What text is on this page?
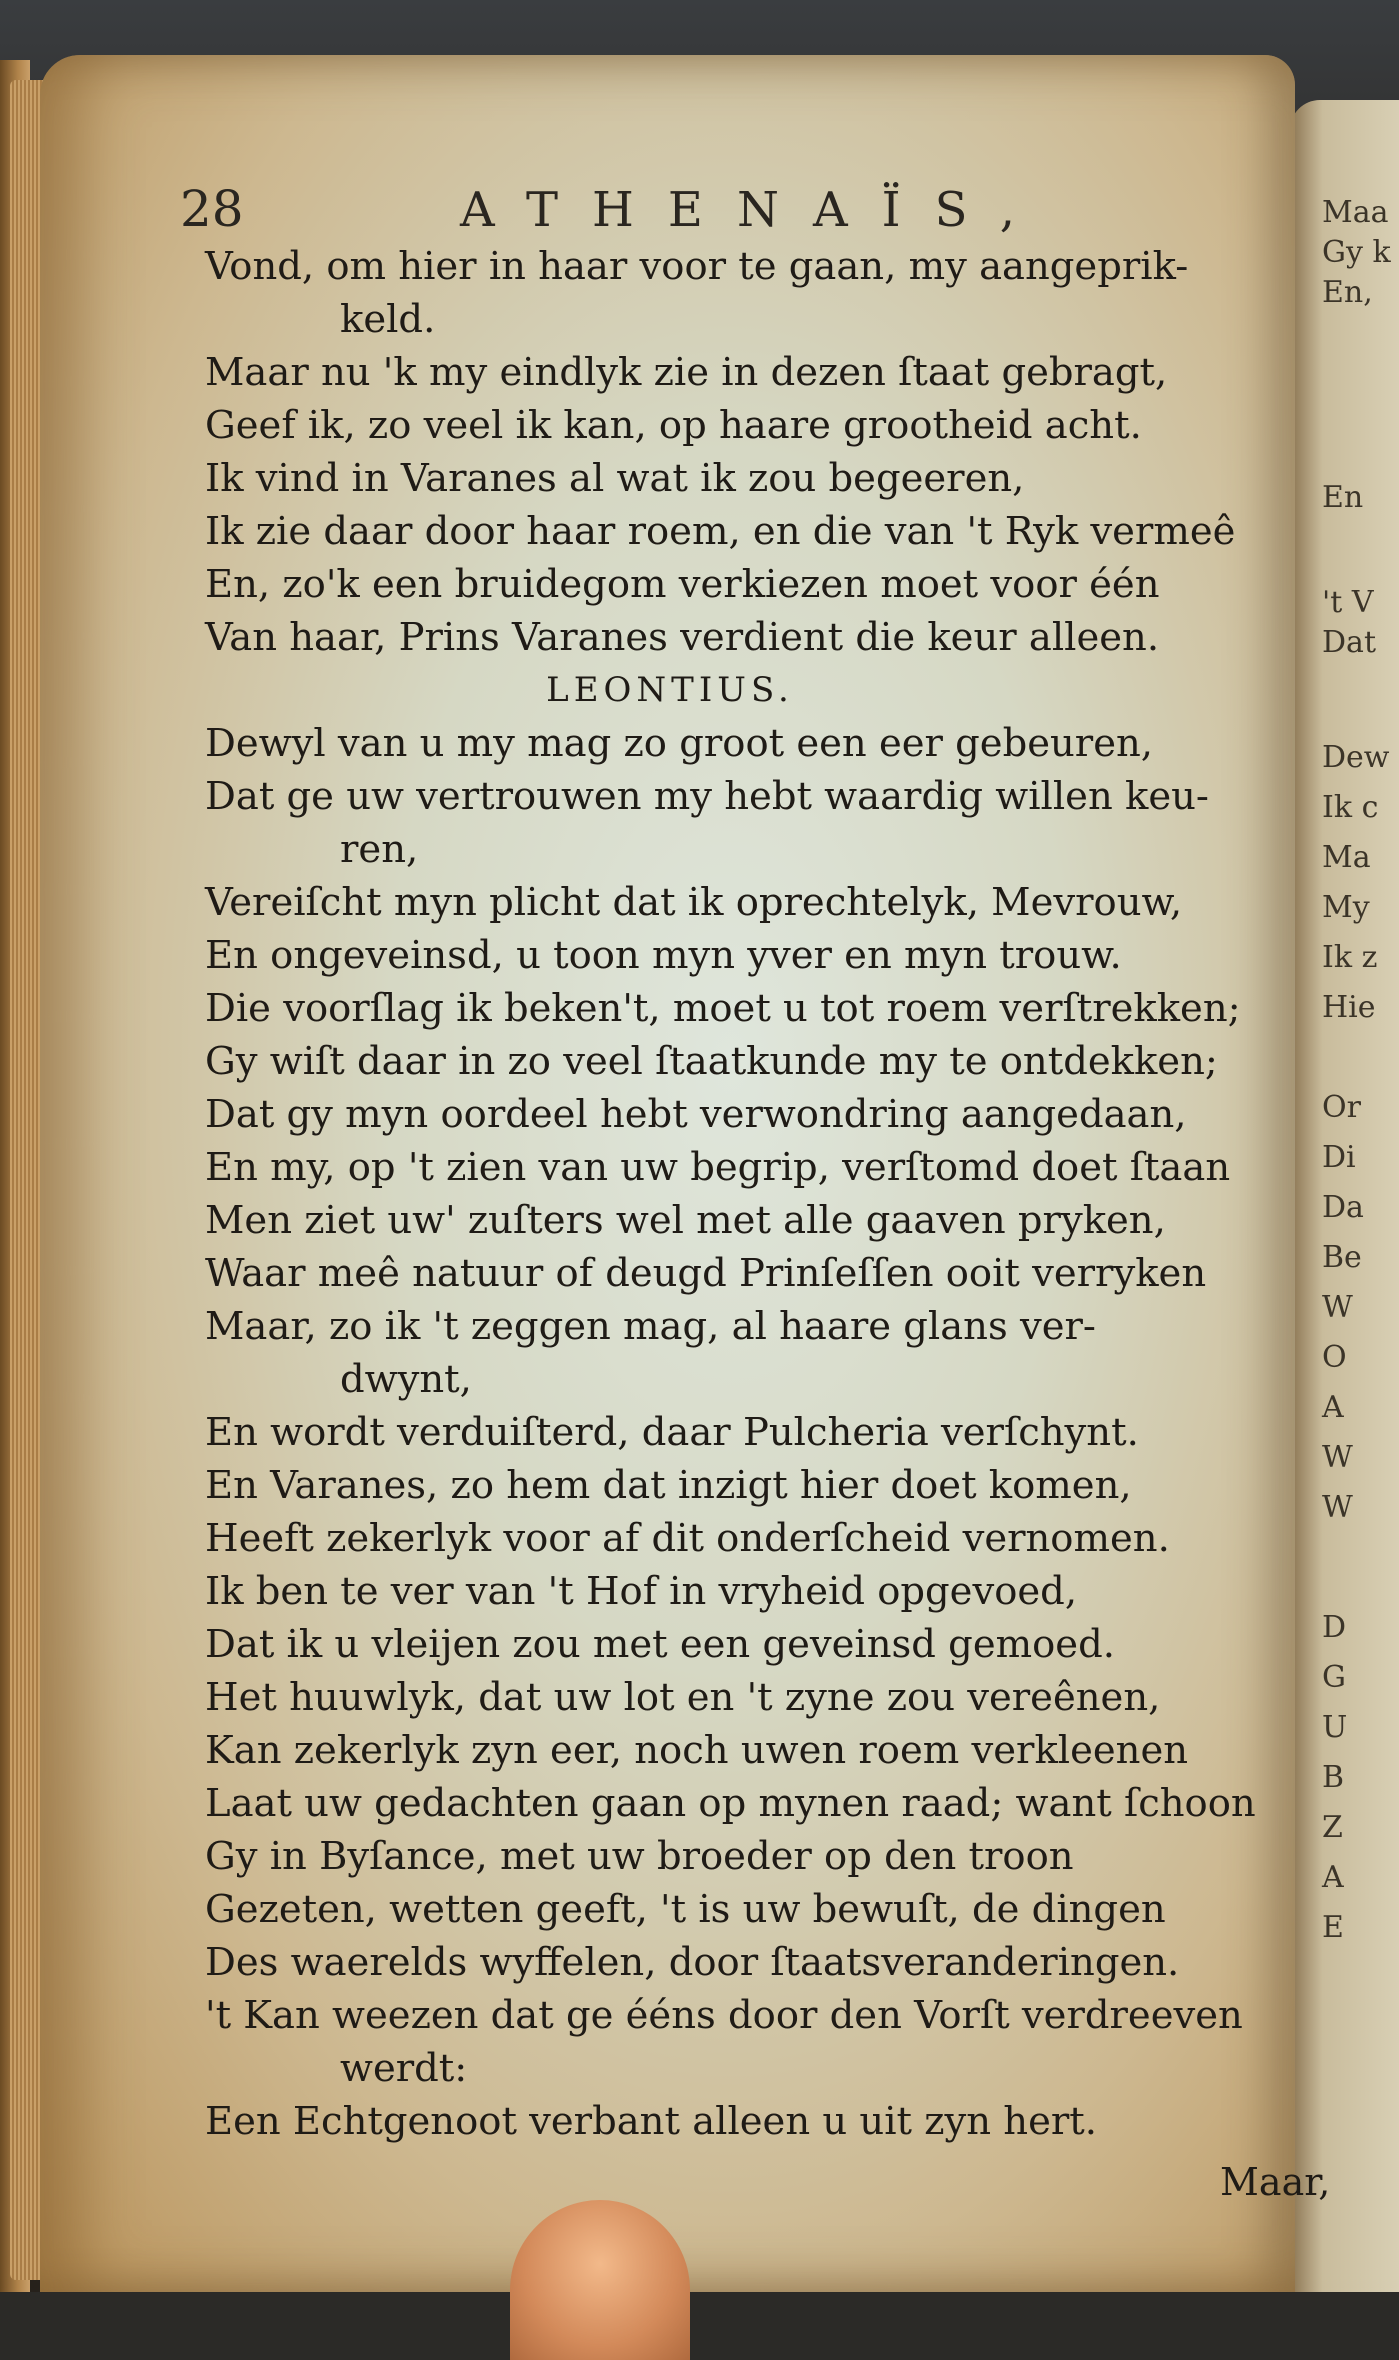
Maa
Gy k
En,
En
't V
Dat
Dew
Ik c
Ma
My
Ik z
Hie
Or
Di
Da
Be
W
O
A
W
W
D
G
U
B
Z
A
E
28	ATHENAÏS,
Vond, om hier in haar voor te gaan, my aangeprik-
keld.
Maar nu 'k my eindlyk zie in dezen ſtaat gebragt,
Geef ik, zo veel ik kan, op haare grootheid acht.
Ik vind in Varanes al wat ik zou begeeren,
Ik zie daar door haar roem, en die van 't Ryk vermeê
En, zo'k een bruidegom verkiezen moet voor één
Van haar, Prins Varanes verdient die keur alleen.
LEONTIUS.
Dewyl van u my mag zo groot een eer gebeuren,
Dat ge uw vertrouwen my hebt waardig willen keu-
ren,
Vereiſcht myn plicht dat ik oprechtelyk, Mevrouw,
En ongeveinsd, u toon myn yver en myn trouw.
Die voorſlag ik beken't, moet u tot roem verſtrekken;
Gy wiſt daar in zo veel ſtaatkunde my te ontdekken;
Dat gy myn oordeel hebt verwondring aangedaan,
En my, op 't zien van uw begrip, verſtomd doet ſtaan
Men ziet uw' zuſters wel met alle gaaven pryken,
Waar meê natuur of deugd Prinſeſſen ooit verryken
Maar, zo ik 't zeggen mag, al haare glans ver-
dwynt,
En wordt verduiſterd, daar Pulcheria verſchynt.
En Varanes, zo hem dat inzigt hier doet komen,
Heeft zekerlyk voor af dit onderſcheid vernomen.
Ik ben te ver van 't Hof in vryheid opgevoed,
Dat ik u vleijen zou met een geveinsd gemoed.
Het huuwlyk, dat uw lot en 't zyne zou vereênen,
Kan zekerlyk zyn eer, noch uwen roem verkleenen
Laat uw gedachten gaan op mynen raad; want ſchoon
Gy in Byſance, met uw broeder op den troon
Gezeten, wetten geeft, 't is uw bewuſt, de dingen
Des waerelds wyffelen, door ſtaatsveranderingen.
't Kan weezen dat ge ééns door den Vorſt verdreeven
werdt:
Een Echtgenoot verbant alleen u uit zyn hert.
Maar,
